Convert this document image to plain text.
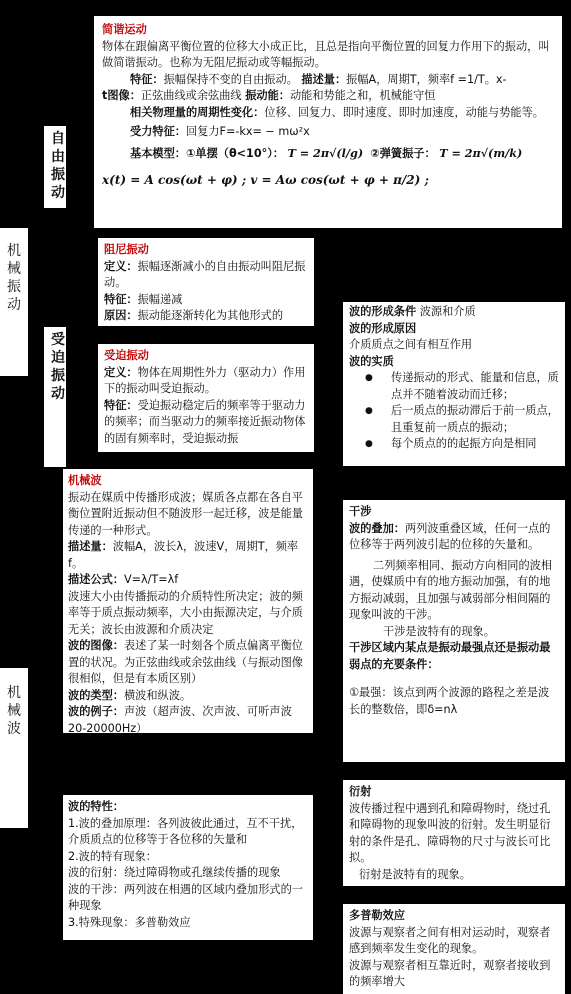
机
械
振
动
机
械
波
自
由
振
动
受
迫
振
动
简谐运动

物体在跟偏离平衡位置的位移大小成正比，且总是指向平衡位置的回复力作用下的振动，叫做简谐振动。也称为无阻尼振动或等幅振动。

特征：振幅保持不变的自由振动。 描述量：振幅A，周期T，频率f =1/T。x-

t图像：正弦曲线或余弦曲线 振动能：动能和势能之和，机械能守恒

相关物理量的周期性变化：位移、回复力、即时速度、即时加速度，动能与势能等。

受力特征：回复力F=-kx= − mω²x

基本模型：①单摆（θ<10°）： T = 2π√(l/g) ②弹簧振子： T = 2π√(m/k)

x(t) = A cos(ωt + φ) ; v = Aω cos(ωt + φ + π/2) ;

阻尼振动

定义：振幅逐渐减小的自由振动叫阻尼振动。

特征：振幅递减

原因：振动能逐渐转化为其他形式的

受迫振动

定义：物体在周期性外力（驱动力）作用下的振动叫受迫振动。

特征：受迫振动稳定后的频率等于驱动力的频率；而当驱动力的频率接近振动物体的固有频率时，受迫振动振

波的形成条件 波源和介质

波的形成原因

介质质点之间有相互作用

波的实质

● 传递振动的形式、能量和信息，质点并不随着波动而迁移；
● 后一质点的振动滞后于前一质点，且重复前一质点的振动；
● 每个质点的的起振方向是相同
机械波

振动在媒质中传播形成波；媒质各点都在各自平衡位置附近振动但不随波形一起迁移，波是能量传递的一种形式。

描述量：波幅A，波长λ，波速V，周期T，频率f。

描述公式：V=λ/T=λf

波速大小由传播振动的介质特性所决定；波的频率等于质点振动频率，大小由振源决定，与介质无关；波长由波源和介质决定

波的图像：表述了某一时刻各个质点偏离平衡位置的状况。为正弦曲线或余弦曲线（与振动图像很相似，但是有本质区别）

波的类型：横波和纵波。

波的例子：声波（超声波、次声波、可听声波20-20000Hz）

干涉

波的叠加：两列波重叠区域，任何一点的位移等于两列波引起的位移的矢量和。

二列频率相同、振动方向相同的波相遇，使媒质中有的地方振动加强，有的地方振动减弱，且加强与减弱部分相间隔的现象叫波的干涉。

干涉是波特有的现象。

干涉区域内某点是振动最强点还是振动最弱点的充要条件：

①最强：该点到两个波源的路程之差是波长的整数倍，即δ=nλ

波的特性：

1.波的叠加原理：各列波彼此通过，互不干扰，介质质点的位移等于各位移的矢量和

2.波的特有现象：

波的衍射：绕过障碍物或孔继续传播的现象

波的干涉：两列波在相遇的区域内叠加形式的一种现象

3.特殊现象：多普勒效应

衍射

波传播过程中遇到孔和障碍物时，绕过孔和障碍物的现象叫波的衍射。发生明显衍射的条件是孔、障碍物的尺寸与波长可比拟。

衍射是波特有的现象。

多普勒效应

波源与观察者之间有相对运动时，观察者感到频率发生变化的现象。

波源与观察者相互靠近时，观察者接收到的频率增大
